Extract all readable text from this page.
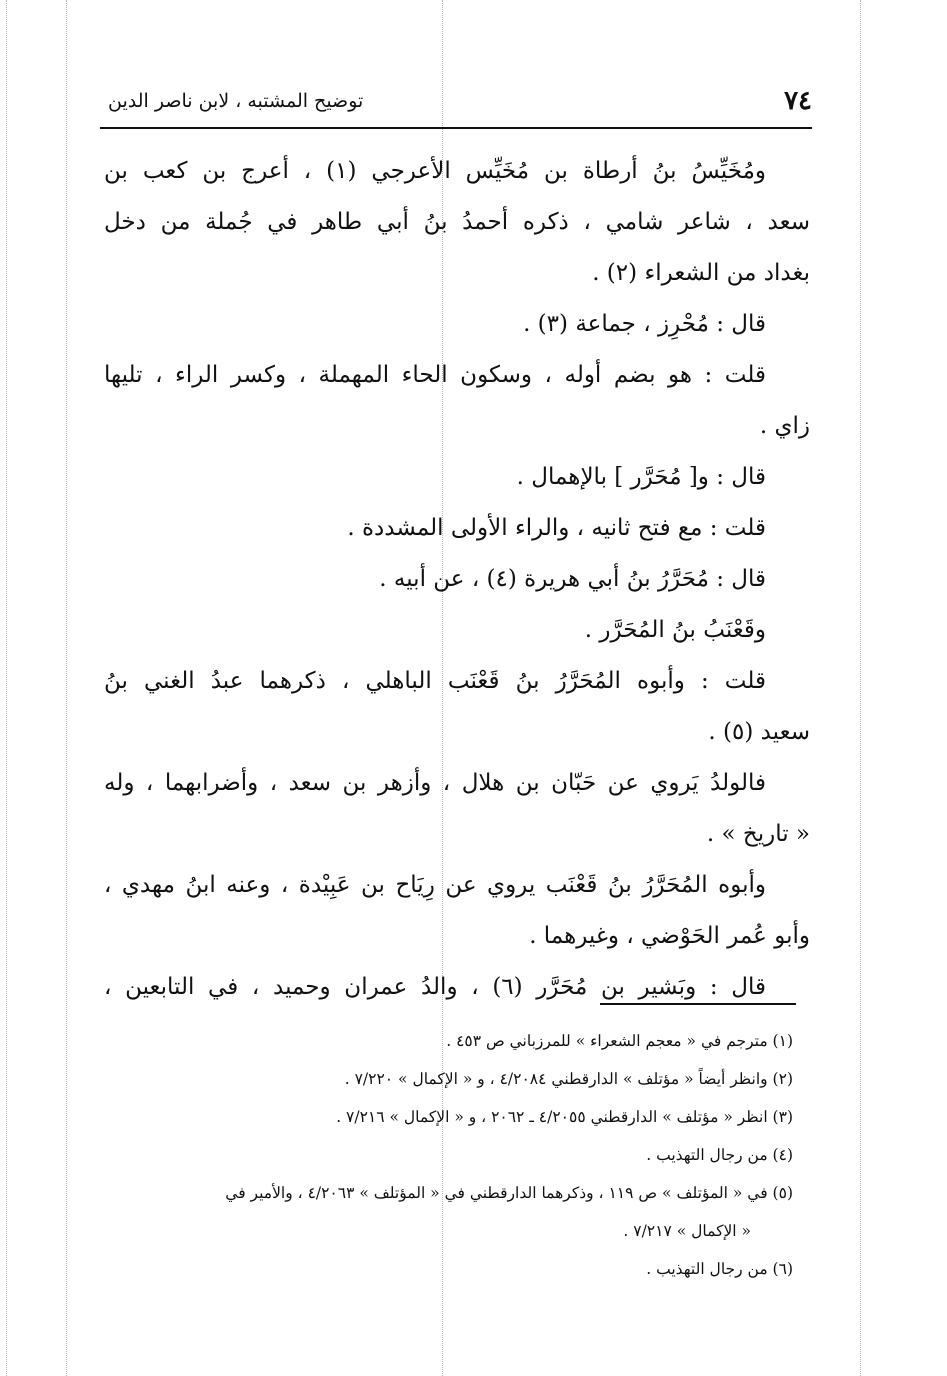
٧٤
توضيح المشتبه ، لابن ناصر الدين
ومُخَيِّسُ بنُ أرطاة بن مُخَيِّس الأعرجي (١) ، أعرج بن كعب بن
سعد ، شاعر شامي ، ذكره أحمدُ بنُ أبي طاهر في جُملة من دخل
بغداد من الشعراء (٢) .
قال : مُحْرِز ، جماعة (٣) .
قلت : هو بضم أوله ، وسكون الحاء المهملة ، وكسر الراء ، تليها
زاي .
قال : و[ مُحَرَّر ] بالإهمال .
قلت : مع فتح ثانيه ، والراء الأولى المشددة .
قال : مُحَرَّرُ بنُ أبي هريرة (٤) ، عن أبيه .
وقَعْنَبُ بنُ المُحَرَّر .
قلت : وأبوه المُحَرَّرُ بنُ قَعْنَب الباهلي ، ذكرهما عبدُ الغني بنُ
سعيد (٥) .
فالولدُ يَروي عن حَبّان بن هلال ، وأزهر بن سعد ، وأضرابهما ، وله
« تاريخ » .
وأبوه المُحَرَّرُ بنُ قَعْنَب يروي عن رِيَاح بن عَبِيْدة ، وعنه ابنُ مهدي ،
وأبو عُمر الحَوْضي ، وغيرهما .
قال : وبَشير بن مُحَرَّر (٦) ، والدُ عمران وحميد ، في التابعين ،
(١) مترجم في « معجم الشعراء » للمرزباني ص ٤٥٣ .
(٢) وانظر أيضاً « مؤتلف » الدارقطني ٤/٢٠٨٤ ، و « الإكمال » ٧/٢٢٠ .
(٣) انظر « مؤتلف » الدارقطني ٤/٢٠٥٥ ـ ٢٠٦٢ ، و « الإكمال » ٧/٢١٦ .
(٤) من رجال التهذيب .
(٥) في « المؤتلف » ص ١١٩ ، وذكرهما الدارقطني في « المؤتلف » ٤/٢٠٦٣ ، والأمير في
« الإكمال » ٧/٢١٧ .
(٦) من رجال التهذيب .
